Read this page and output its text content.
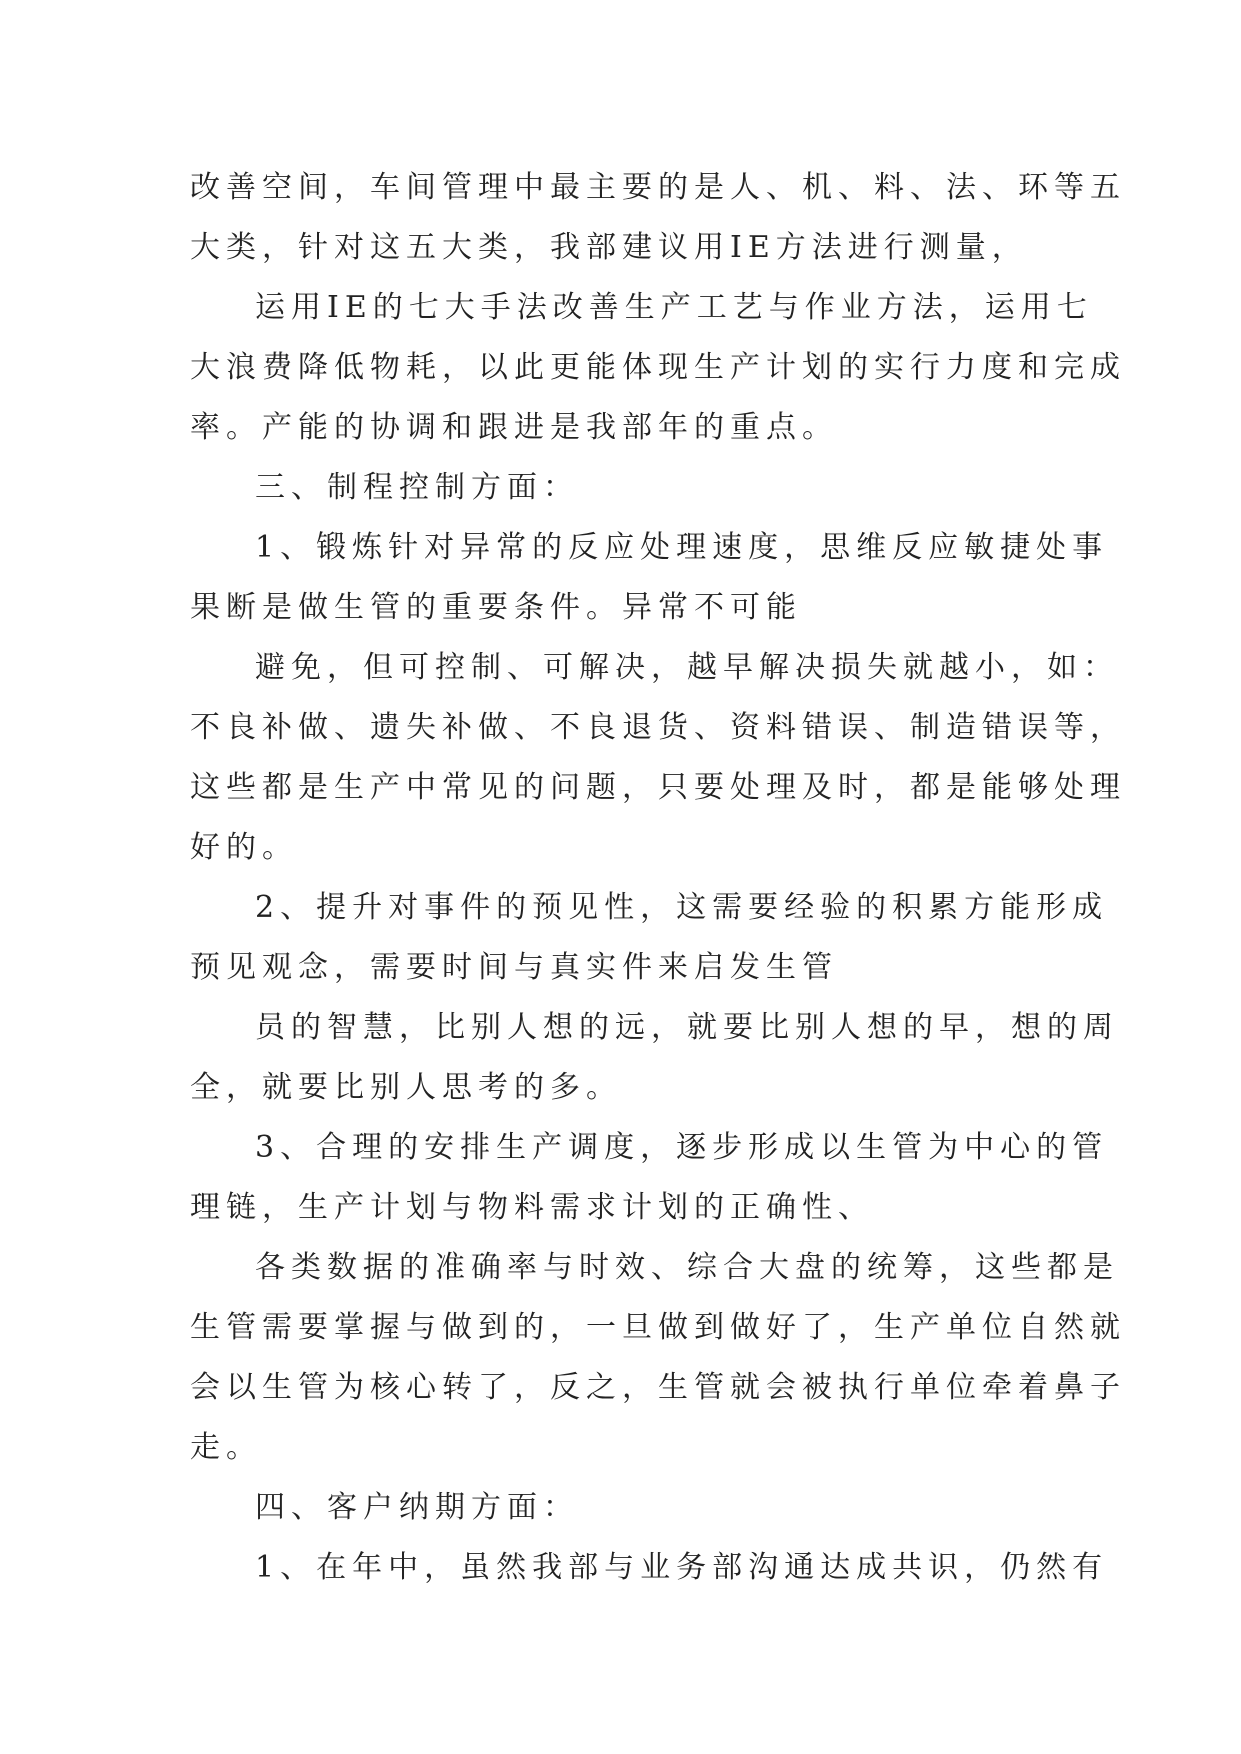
改善空间，车间管理中最主要的是人、机、料、法、环等五
大类，针对这五大类，我部建议用IE方法进行测量，

运用IE的七大手法改善生产工艺与作业方法，运用七
大浪费降低物耗，以此更能体现生产计划的实行力度和完成
率。产能的协调和跟进是我部年的重点。

三、制程控制方面：

1、锻炼针对异常的反应处理速度，思维反应敏捷处事
果断是做生管的重要条件。异常不可能

避免，但可控制、可解决，越早解决损失就越小，如：
不良补做、遗失补做、不良退货、资料错误、制造错误等，
这些都是生产中常见的问题，只要处理及时，都是能够处理
好的。

2、提升对事件的预见性，这需要经验的积累方能形成
预见观念，需要时间与真实件来启发生管

员的智慧，比别人想的远，就要比别人想的早，想的周
全，就要比别人思考的多。

3、合理的安排生产调度，逐步形成以生管为中心的管
理链，生产计划与物料需求计划的正确性、

各类数据的准确率与时效、综合大盘的统筹，这些都是
生管需要掌握与做到的，一旦做到做好了，生产单位自然就
会以生管为核心转了，反之，生管就会被执行单位牵着鼻子
走。

四、客户纳期方面：

1、在年中，虽然我部与业务部沟通达成共识，仍然有
